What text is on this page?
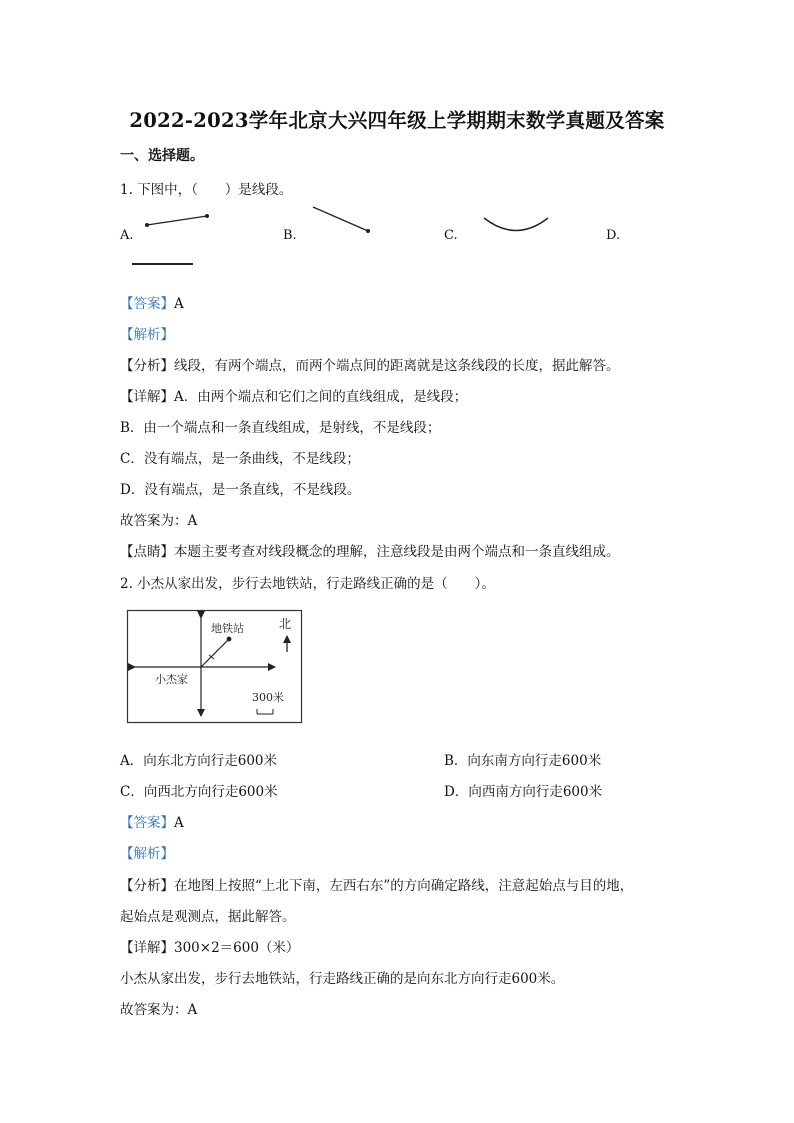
2022-2023学年北京大兴四年级上学期期末数学真题及答案
一、选择题。
1. 下图中，（　　）是线段。
A.	B.	C.	D.
【答案】A
【解析】
【分析】线段，有两个端点，而两个端点间的距离就是这条线段的长度，据此解答。
【详解】A．由两个端点和它们之间的直线组成，是线段；
B．由一个端点和一条直线组成，是射线，不是线段；
C．没有端点，是一条曲线，不是线段；
D．没有端点，是一条直线，不是线段。
故答案为：A
【点睛】本题主要考查对线段概念的理解，注意线段是由两个端点和一条直线组成。
2. 小杰从家出发，步行去地铁站，行走路线正确的是（　　）。
地铁站	北
小杰家
300米
A．向东北方向行走600米	B．向东南方向行走600米
C．向西北方向行走600米	D．向西南方向行走600米
【答案】A
【解析】
【分析】在地图上按照“上北下南，左西右东”的方向确定路线，注意起始点与目的地，
起始点是观测点，据此解答。
【详解】300×2＝600（米）
小杰从家出发，步行去地铁站，行走路线正确的是向东北方向行走600米。
故答案为：A
